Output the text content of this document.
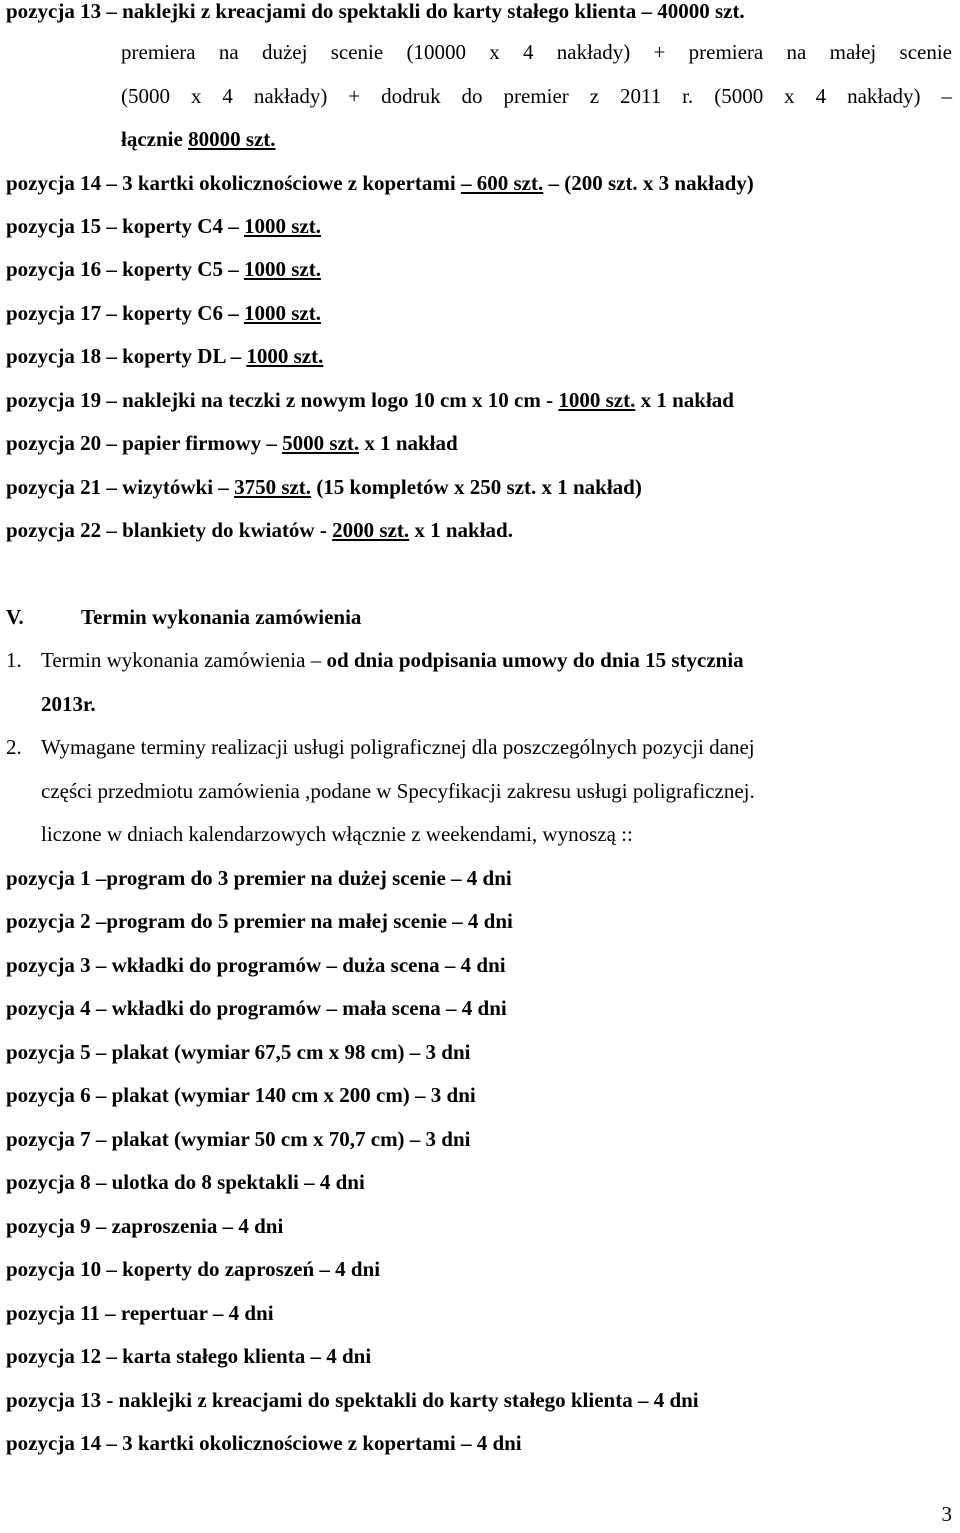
pozycja 13 – naklejki z kreacjami do spektakli do karty stałego klienta – 40000 szt.
premiera na dużej scenie (10000 x 4 nakłady) + premiera na małej scenie
(5000 x 4 nakłady) + dodruk do premier z 2011 r. (5000 x 4 nakłady) –
łącznie 80000 szt.
pozycja 14 – 3 kartki okolicznościowe z kopertami – 600 szt. – (200 szt. x 3 nakłady)
pozycja 15 – koperty C4 – 1000 szt.
pozycja 16 – koperty C5 – 1000 szt.
pozycja 17 – koperty C6 – 1000 szt.
pozycja 18 – koperty DL – 1000 szt.
pozycja 19 – naklejki na teczki z nowym logo 10 cm x 10 cm - 1000 szt. x 1 nakład
pozycja 20 – papier firmowy – 5000 szt. x 1 nakład
pozycja 21 – wizytówki – 3750 szt. (15 kompletów x 250 szt. x 1 nakład)
pozycja 22 – blankiety do kwiatów - 2000 szt. x 1 nakład.
V.	Termin wykonania zamówienia
1. Termin wykonania zamówienia – od dnia podpisania umowy do dnia 15 stycznia
2013r.
2. Wymagane terminy realizacji usługi poligraficznej dla poszczególnych pozycji danej
części przedmiotu zamówienia ,podane w Specyfikacji zakresu usługi poligraficznej.
liczone w dniach kalendarzowych włącznie z weekendami, wynoszą ::
pozycja 1 –program do 3 premier na dużej scenie – 4 dni
pozycja 2 –program do 5 premier na małej scenie – 4 dni
pozycja 3 – wkładki do programów – duża scena – 4 dni
pozycja 4 – wkładki do programów – mała scena – 4 dni
pozycja 5 – plakat (wymiar 67,5 cm x 98 cm) – 3 dni
pozycja 6 – plakat (wymiar 140 cm x 200 cm) – 3 dni
pozycja 7 – plakat (wymiar 50 cm x 70,7 cm) – 3 dni
pozycja 8 – ulotka do 8 spektakli – 4 dni
pozycja 9 – zaproszenia – 4 dni
pozycja 10 – koperty do zaproszeń – 4 dni
pozycja 11 – repertuar – 4 dni
pozycja 12 – karta stałego klienta – 4 dni
pozycja 13 - naklejki z kreacjami do spektakli do karty stałego klienta – 4 dni
pozycja 14 – 3 kartki okolicznościowe z kopertami – 4 dni
3
